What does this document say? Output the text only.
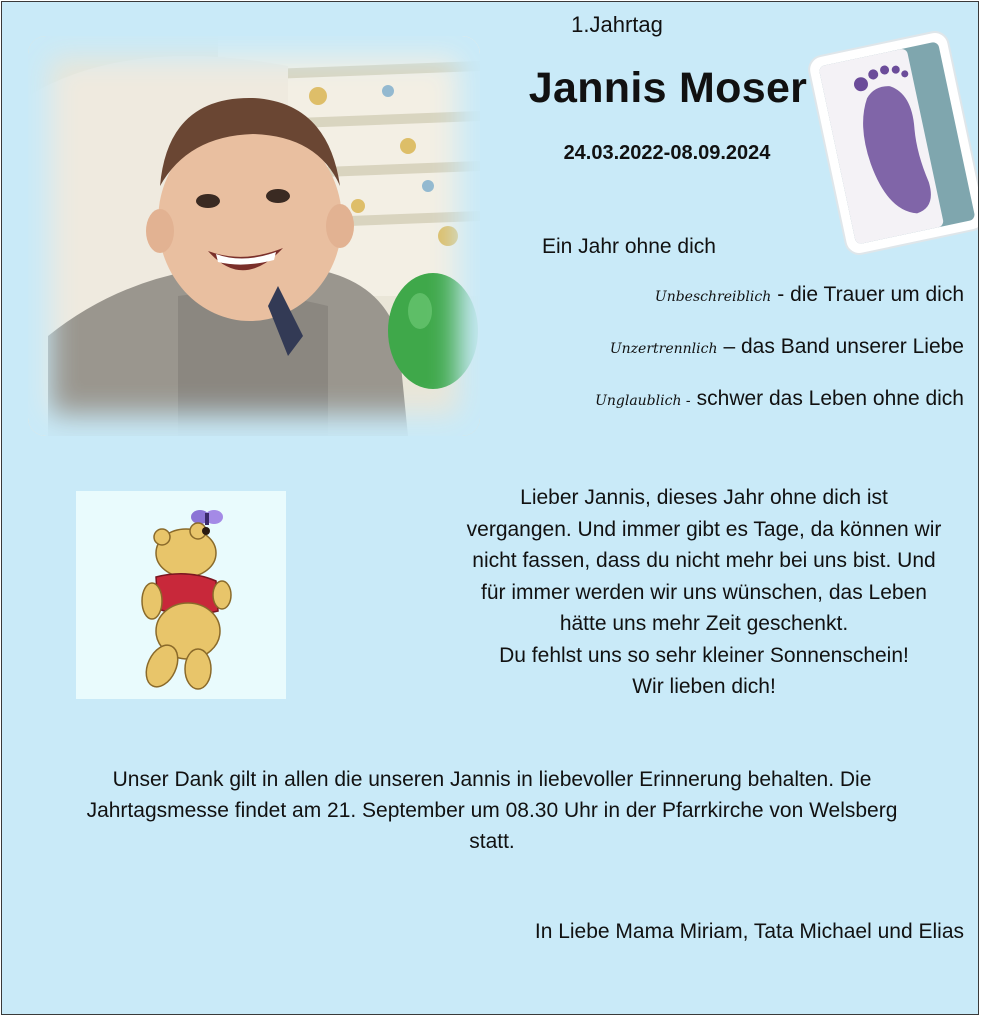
1.Jahrtag
Jannis Moser
24.03.2022-08.09.2024
Ein Jahr ohne dich
Unbeschreiblich - die Trauer um dich
Unzertrennlich – das Band unserer Liebe
Unglaublich - schwer das Leben ohne dich
Lieber Jannis, dieses Jahr ohne dich ist
vergangen. Und immer gibt es Tage, da können wir
nicht fassen, dass du nicht mehr bei uns bist. Und
für immer werden wir uns wünschen, das Leben
hätte uns mehr Zeit geschenkt.
Du fehlst uns so sehr kleiner Sonnenschein!
Wir lieben dich!
Unser Dank gilt in allen die unseren Jannis in liebevoller Erinnerung behalten. Die
Jahrtagsmesse findet am 21. September um 08.30 Uhr in der Pfarrkirche von Welsberg
statt.
In Liebe Mama Miriam, Tata Michael und Elias
